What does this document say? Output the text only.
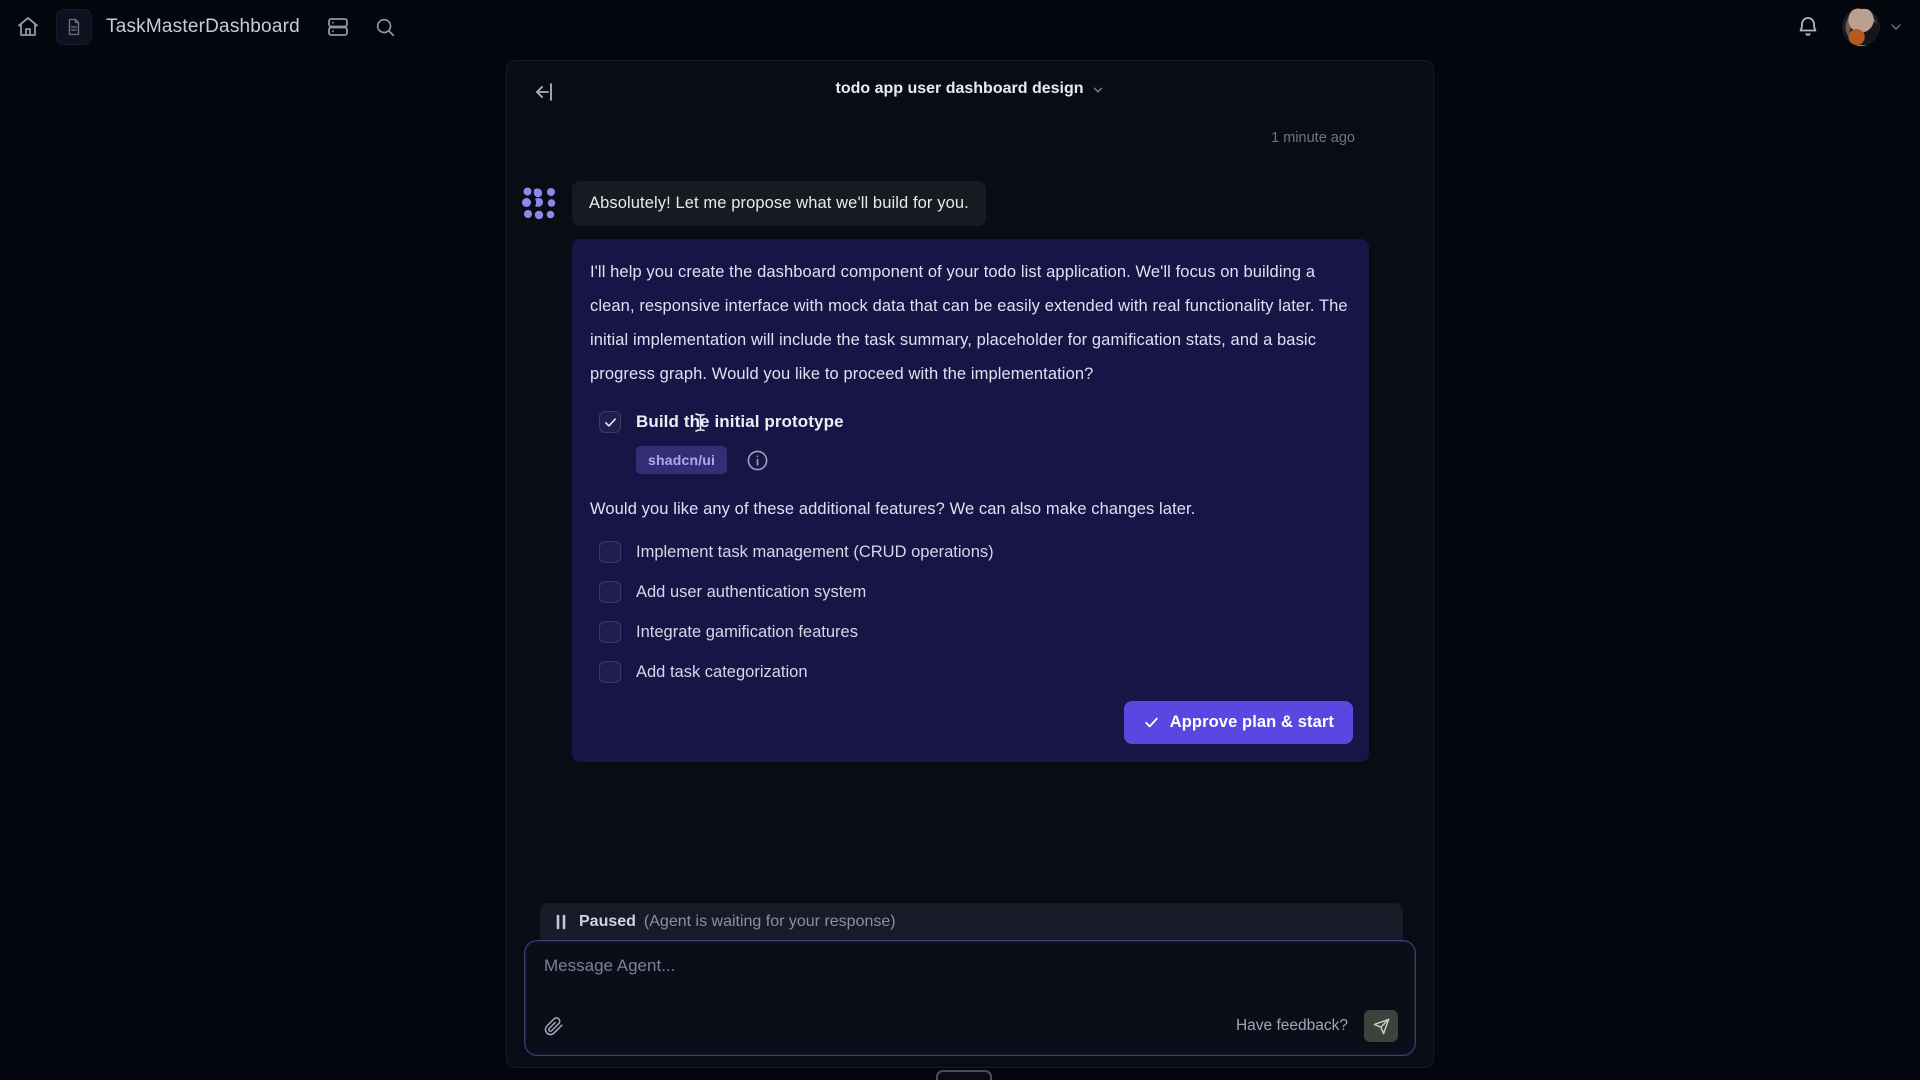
TaskMasterDashboard
todo app user dashboard design
1 minute ago
Absolutely! Let me propose what we'll build for you.
I'll help you create the dashboard component of your todo list application. We'll focus on building a clean, responsive interface with mock data that can be easily extended with real functionality later. The initial implementation will include the task summary, placeholder for gamification stats, and a basic progress graph. Would you like to proceed with the implementation?
Build the initial prototype
shadcn/ui
Would you like any of these additional features? We can also make changes later.
Implement task management (CRUD operations)
Add user authentication system
Integrate gamification features
Add task categorization
Approve plan & start
Paused (Agent is waiting for your response)
Message Agent...
Have feedback?
